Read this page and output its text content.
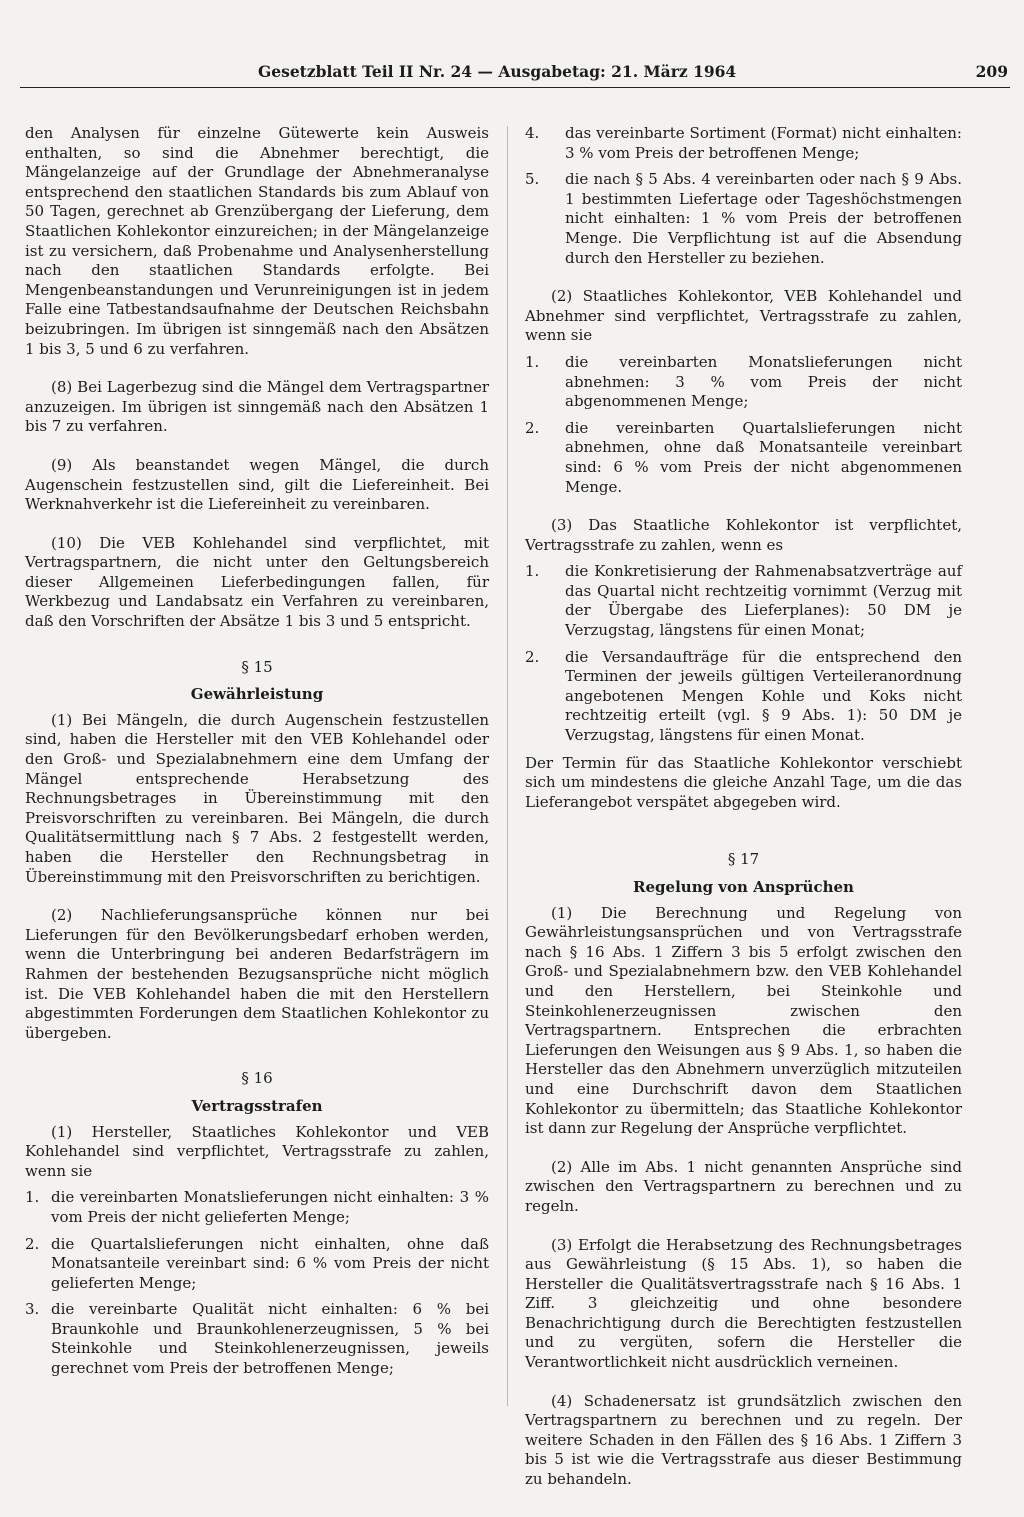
Gesetzblatt Teil II Nr. 24 — Ausgabetag: 21. März 1964	209

den Analysen für einzelne Gütewerte kein Ausweis enthalten, so sind die Abnehmer berechtigt, die Mängelanzeige auf der Grundlage der Abnehmeranalyse entsprechend den staatlichen Standards bis zum Ablauf von 50 Tagen, gerechnet ab Grenzübergang der Lieferung, dem Staatlichen Kohlekontor einzureichen; in der Mängelanzeige ist zu versichern, daß Probenahme und Analysenherstellung nach den staatlichen Standards erfolgte. Bei Mengenbeanstandungen und Verunreinigungen ist in jedem Falle eine Tatbestandsaufnahme der Deutschen Reichsbahn beizubringen. Im übrigen ist sinngemäß nach den Absätzen 1 bis 3, 5 und 6 zu verfahren.

(8) Bei Lagerbezug sind die Mängel dem Vertragspartner anzuzeigen. Im übrigen ist sinngemäß nach den Absätzen 1 bis 7 zu verfahren.

(9) Als beanstandet wegen Mängel, die durch Augenschein festzustellen sind, gilt die Liefereinheit. Bei Werknahverkehr ist die Liefereinheit zu vereinbaren.

(10) Die VEB Kohlehandel sind verpflichtet, mit Vertragspartnern, die nicht unter den Geltungsbereich dieser Allgemeinen Lieferbedingungen fallen, für Werkbezug und Landabsatz ein Verfahren zu vereinbaren, daß den Vorschriften der Absätze 1 bis 3 und 5 entspricht.

§ 15

Gewährleistung

(1) Bei Mängeln, die durch Augenschein festzustellen sind, haben die Hersteller mit den VEB Kohlehandel oder den Groß- und Spezialabnehmern eine dem Umfang der Mängel entsprechende Herabsetzung des Rechnungsbetrages in Übereinstimmung mit den Preisvorschriften zu vereinbaren. Bei Mängeln, die durch Qualitätsermittlung nach § 7 Abs. 2 festgestellt werden, haben die Hersteller den Rechnungsbetrag in Übereinstimmung mit den Preisvorschriften zu berichtigen.

(2) Nachlieferungsansprüche können nur bei Lieferungen für den Bevölkerungsbedarf erhoben werden, wenn die Unterbringung bei anderen Bedarfsträgern im Rahmen der bestehenden Bezugsansprüche nicht möglich ist. Die VEB Kohlehandel haben die mit den Herstellern abgestimmten Forderungen dem Staatlichen Kohlekontor zu übergeben.

§ 16

Vertragsstrafen

(1) Hersteller, Staatliches Kohlekontor und VEB Kohlehandel sind verpflichtet, Vertragsstrafe zu zahlen, wenn sie

1. die vereinbarten Monatslieferungen nicht einhalten: 3 % vom Preis der nicht gelieferten Menge;
2. die Quartalslieferungen nicht einhalten, ohne daß Monatsanteile vereinbart sind: 6 % vom Preis der nicht gelieferten Menge;
3. die vereinbarte Qualität nicht einhalten: 6 % bei Braunkohle und Braunkohlenerzeugnissen, 5 % bei Steinkohle und Steinkohlenerzeugnissen, jeweils gerechnet vom Preis der betroffenen Menge;
4.	das vereinbarte Sortiment (Format) nicht einhalten: 3 % vom Preis der betroffenen Menge;
5.	die nach § 5 Abs. 4 vereinbarten oder nach § 9 Abs. 1 bestimmten Liefertage oder Tageshöchstmengen nicht einhalten: 1 % vom Preis der betroffenen Menge. Die Verpflichtung ist auf die Absendung durch den Hersteller zu beziehen.

(2) Staatliches Kohlekontor, VEB Kohlehandel und Abnehmer sind verpflichtet, Vertragsstrafe zu zahlen, wenn sie

1.	die vereinbarten Monatslieferungen nicht abnehmen: 3 % vom Preis der nicht abgenommenen Menge;
2.	die vereinbarten Quartalslieferungen nicht abnehmen, ohne daß Monatsanteile vereinbart sind: 6 % vom Preis der nicht abgenommenen Menge.

(3) Das Staatliche Kohlekontor ist verpflichtet, Vertragsstrafe zu zahlen, wenn es

1.	die Konkretisierung der Rahmenabsatzverträge auf das Quartal nicht rechtzeitig vornimmt (Verzug mit der Übergabe des Lieferplanes): 50 DM je Verzugstag, längstens für einen Monat;
2.	die Versandaufträge für die entsprechend den Terminen der jeweils gültigen Verteileranordnung angebotenen Mengen Kohle und Koks nicht rechtzeitig erteilt (vgl. § 9 Abs. 1): 50 DM je Verzugstag, längstens für einen Monat.

Der Termin für das Staatliche Kohlekontor verschiebt sich um mindestens die gleiche Anzahl Tage, um die das Lieferangebot verspätet abgegeben wird.

§ 17

Regelung von Ansprüchen

(1) Die Berechnung und Regelung von Gewährleistungsansprüchen und von Vertragsstrafe nach § 16 Abs. 1 Ziffern 3 bis 5 erfolgt zwischen den Groß- und Spezialabnehmern bzw. den VEB Kohlehandel und den Herstellern, bei Steinkohle und Steinkohlenerzeugnissen zwischen den Vertragspartnern. Entsprechen die erbrachten Lieferungen den Weisungen aus § 9 Abs. 1, so haben die Hersteller das den Abnehmern unverzüglich mitzuteilen und eine Durchschrift davon dem Staatlichen Kohlekontor zu übermitteln; das Staatliche Kohlekontor ist dann zur Regelung der Ansprüche verpflichtet.

(2) Alle im Abs. 1 nicht genannten Ansprüche sind zwischen den Vertragspartnern zu berechnen und zu regeln.

(3) Erfolgt die Herabsetzung des Rechnungsbetrages aus Gewährleistung (§ 15 Abs. 1), so haben die Hersteller die Qualitätsvertragsstrafe nach § 16 Abs. 1 Ziff. 3 gleichzeitig und ohne besondere Benachrichtigung durch die Berechtigten festzustellen und zu vergüten, sofern die Hersteller die Verantwortlichkeit nicht ausdrücklich verneinen.

(4) Schadenersatz ist grundsätzlich zwischen den Vertragspartnern zu berechnen und zu regeln. Der weitere Schaden in den Fällen des § 16 Abs. 1 Ziffern 3 bis 5 ist wie die Vertragsstrafe aus dieser Bestimmung zu behandeln.
